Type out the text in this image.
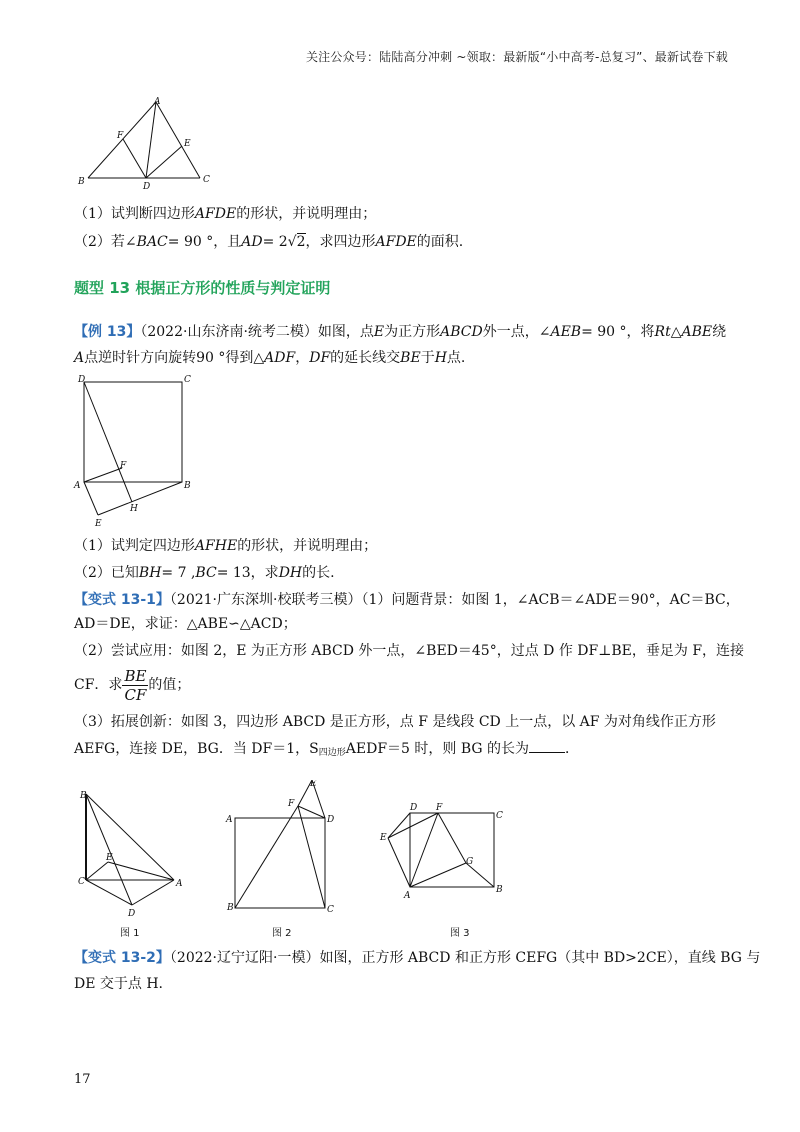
关注公众号：陆陆高分冲刺 ~领取：最新版“小中高考-总复习”、最新试卷下载
A
B	C
D
E
F
（1）试判断四边形AFDE的形状，并说明理由；
（2）若∠BAC= 90 °，且AD= 2√2，求四边形AFDE的面积.
题型 13 根据正方形的性质与判定证明
【例 13】（2022·山东济南·统考二模）如图，点E为正方形ABCD外一点，∠AEB= 90 °，将Rt△ABE绕
A点逆时针方向旋转90 °得到△ADF，DF的延长线交BE于H点.
D	C
A	B
E
F
H
（1）试判定四边形AFHE的形状，并说明理由；
（2）已知BH= 7 ,BC= 13，求DH的长.
【变式 13-1】（2021·广东深圳·校联考三模）（1）问题背景：如图 1，∠ACB＝∠ADE＝90°，AC＝BC，
AD＝DE，求证：△ABE∽△ACD；
（2）尝试应用：如图 2，E 为正方形 ABCD 外一点，∠BED＝45°，过点 D 作 DF⊥BE，垂足为 F，连接
CF．求 $\frac{BE}{CF}$ 的值；
（3）拓展创新：如图 3，四边形 ABCD 是正方形，点 F 是线段 CD 上一点，以 AF 为对角线作正方形
AEFG，连接 DE，BG．当 DF＝1，$S_{四边形}AEDF=5$ 时，则 BG 的长为	．
B
E
C	A
D
E
F
A	D
B	C
D F
C
E
G
A
B
图 1	图 2	图 3
【变式 13-2】（2022·辽宁辽阳·一模）如图，正方形 ABCD 和正方形 CEFG（其中 BD>2CE），直线 BG 与
DE 交于点 H.
17
